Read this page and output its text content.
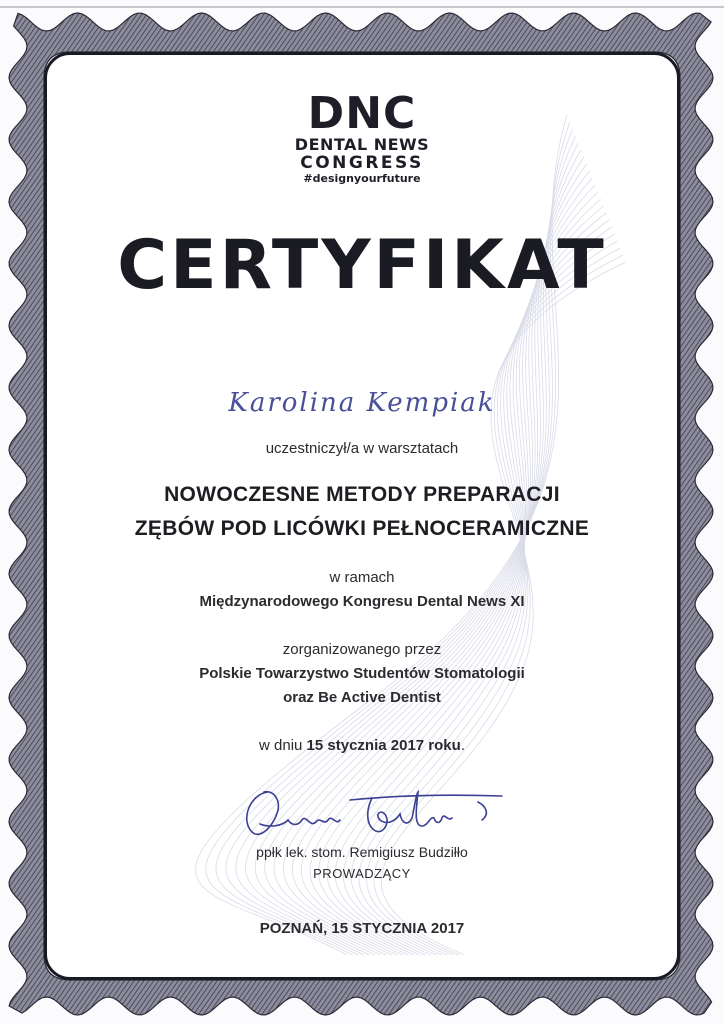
DNC
DENTAL NEWS
CONGRESS
#designyourfuture
CERTYFIKAT
Karolina Kempiak
uczestniczył/a w warsztatach
NOWOCZESNE METODY PREPARACJI
ZĘBÓW POD LICÓWKI PEŁNOCERAMICZNE
w ramach
Międzynarodowego Kongresu Dental News XI
zorganizowanego przez
Polskie Towarzystwo Studentów Stomatologii
oraz Be Active Dentist
w dniu 15 stycznia 2017 roku.
ppłk lek. stom. Remigiusz Budziłło
PROWADZĄCY
POZNAŃ, 15 STYCZNIA 2017
